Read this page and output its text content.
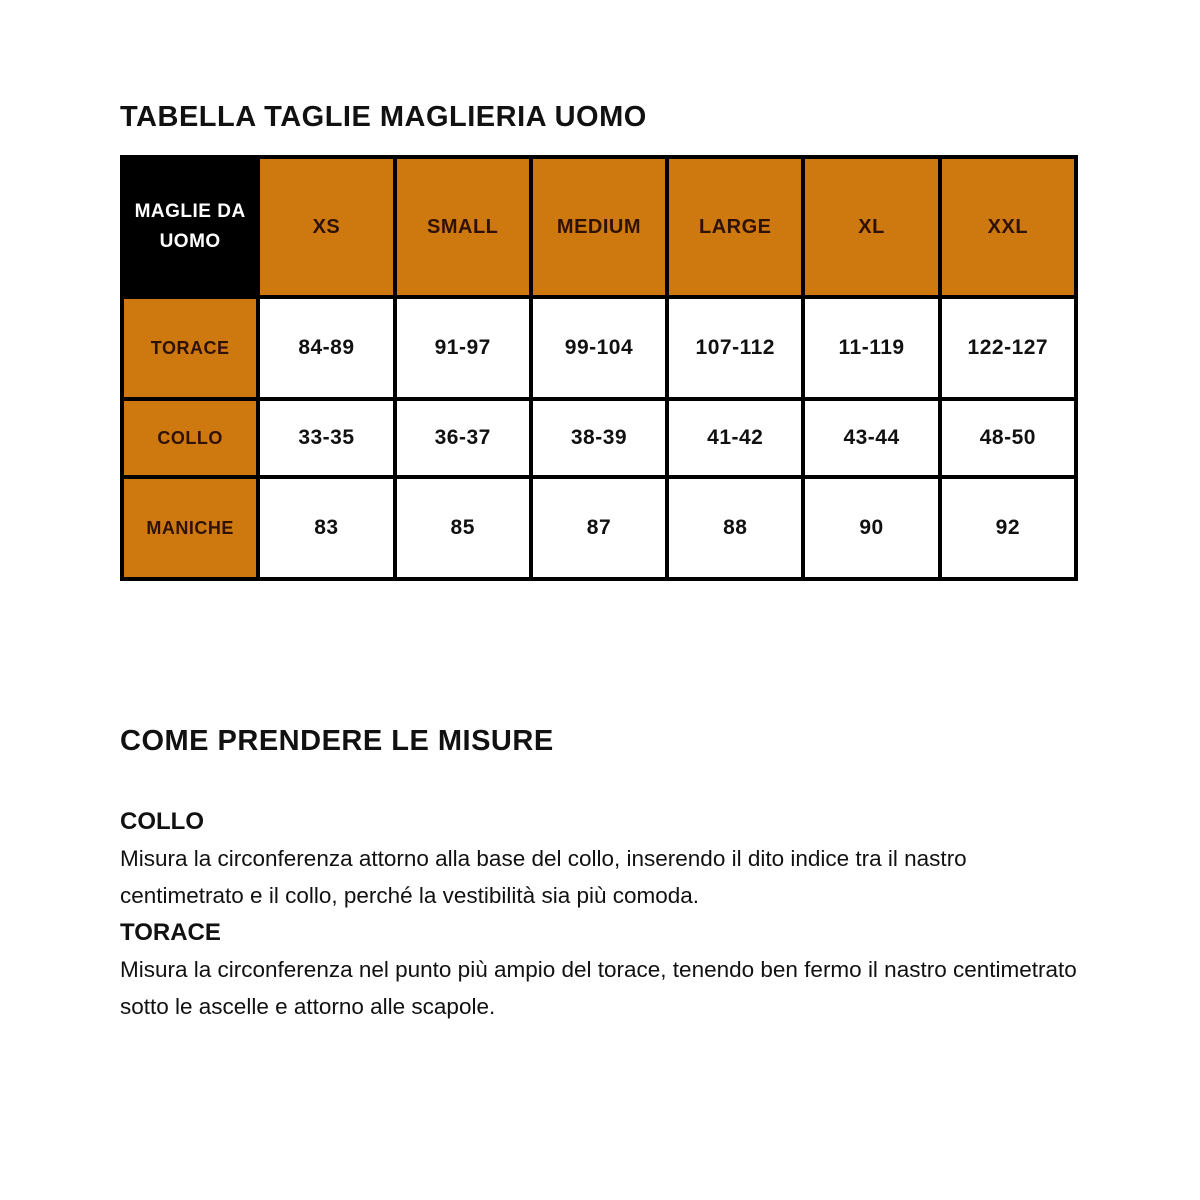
TABELLA TAGLIE MAGLIERIA UOMO
MAGLIE DA UOMO	XS	SMALL	MEDIUM	LARGE	XL	XXL
TORACE	84-89	91-97	99-104	107-112	11-119	122-127
COLLO	33-35	36-37	38-39	41-42	43-44	48-50
MANICHE	83	85	87	88	90	92
COME PRENDERE LE MISURE
COLLO

Misura la circonferenza attorno alla base del collo, inserendo il dito indice tra il nastro centimetrato e il collo, perché la vestibilità sia più comoda.

TORACE

Misura la circonferenza nel punto più ampio del torace, tenendo ben fermo il nastro centimetrato sotto le ascelle e attorno alle scapole.
